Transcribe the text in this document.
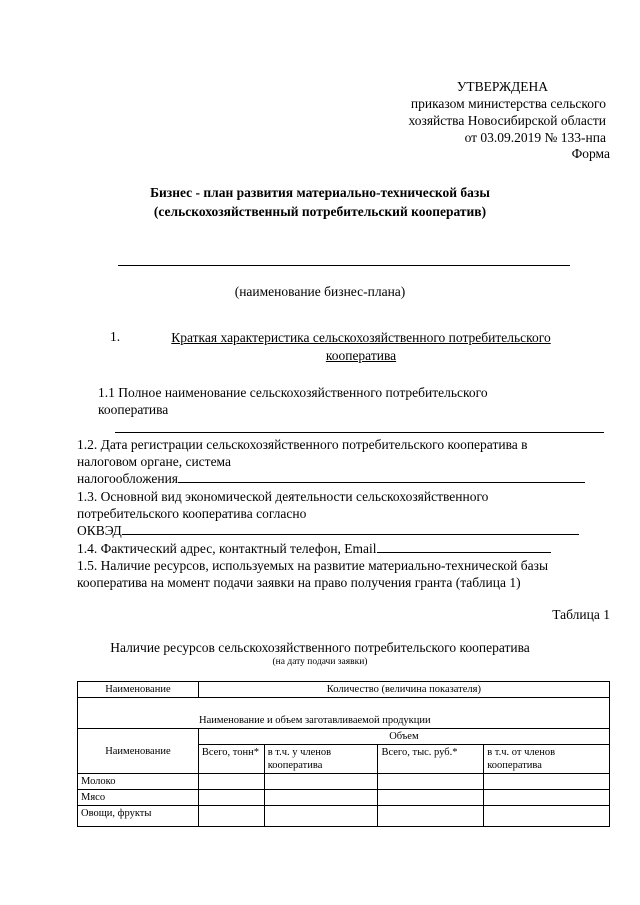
УТВЕРЖДЕНА
приказом министерства сельского
хозяйства Новосибирской области
от 03.09.2019 № 133-нпа
Форма
Бизнес - план развития материально-технической базы
(сельскохозяйственный потребительский кооператив)
(наименование бизнес-плана)
1.	Краткая характеристика сельскохозяйственного потребительского
кооператива
1.1 Полное наименование сельскохозяйственного потребительского
кооператива
1.2. Дата регистрации сельскохозяйственного потребительского кооператива в
налоговом органе, система
налогообложения
1.3. Основной вид экономической деятельности сельскохозяйственного
потребительского кооператива согласно
ОКВЭД
1.4. Фактический адрес, контактный телефон, Email
1.5. Наличие ресурсов, используемых на развитие материально-технической базы
кооператива на момент подачи заявки на право получения гранта (таблица 1)
Таблица 1
Наличие ресурсов сельскохозяйственного потребительского кооператива
(на дату подачи заявки)
Наименование	Количество (величина показателя)			
Наименование и объем заготавливаемой продукции				
Наименование	Объем			
	Всего, тонн*	в т.ч. у членов кооператива	Всего, тыс. руб.*	в т.ч. от членов кооператива
Молоко				
Мясо				
Овощи, фрукты				
